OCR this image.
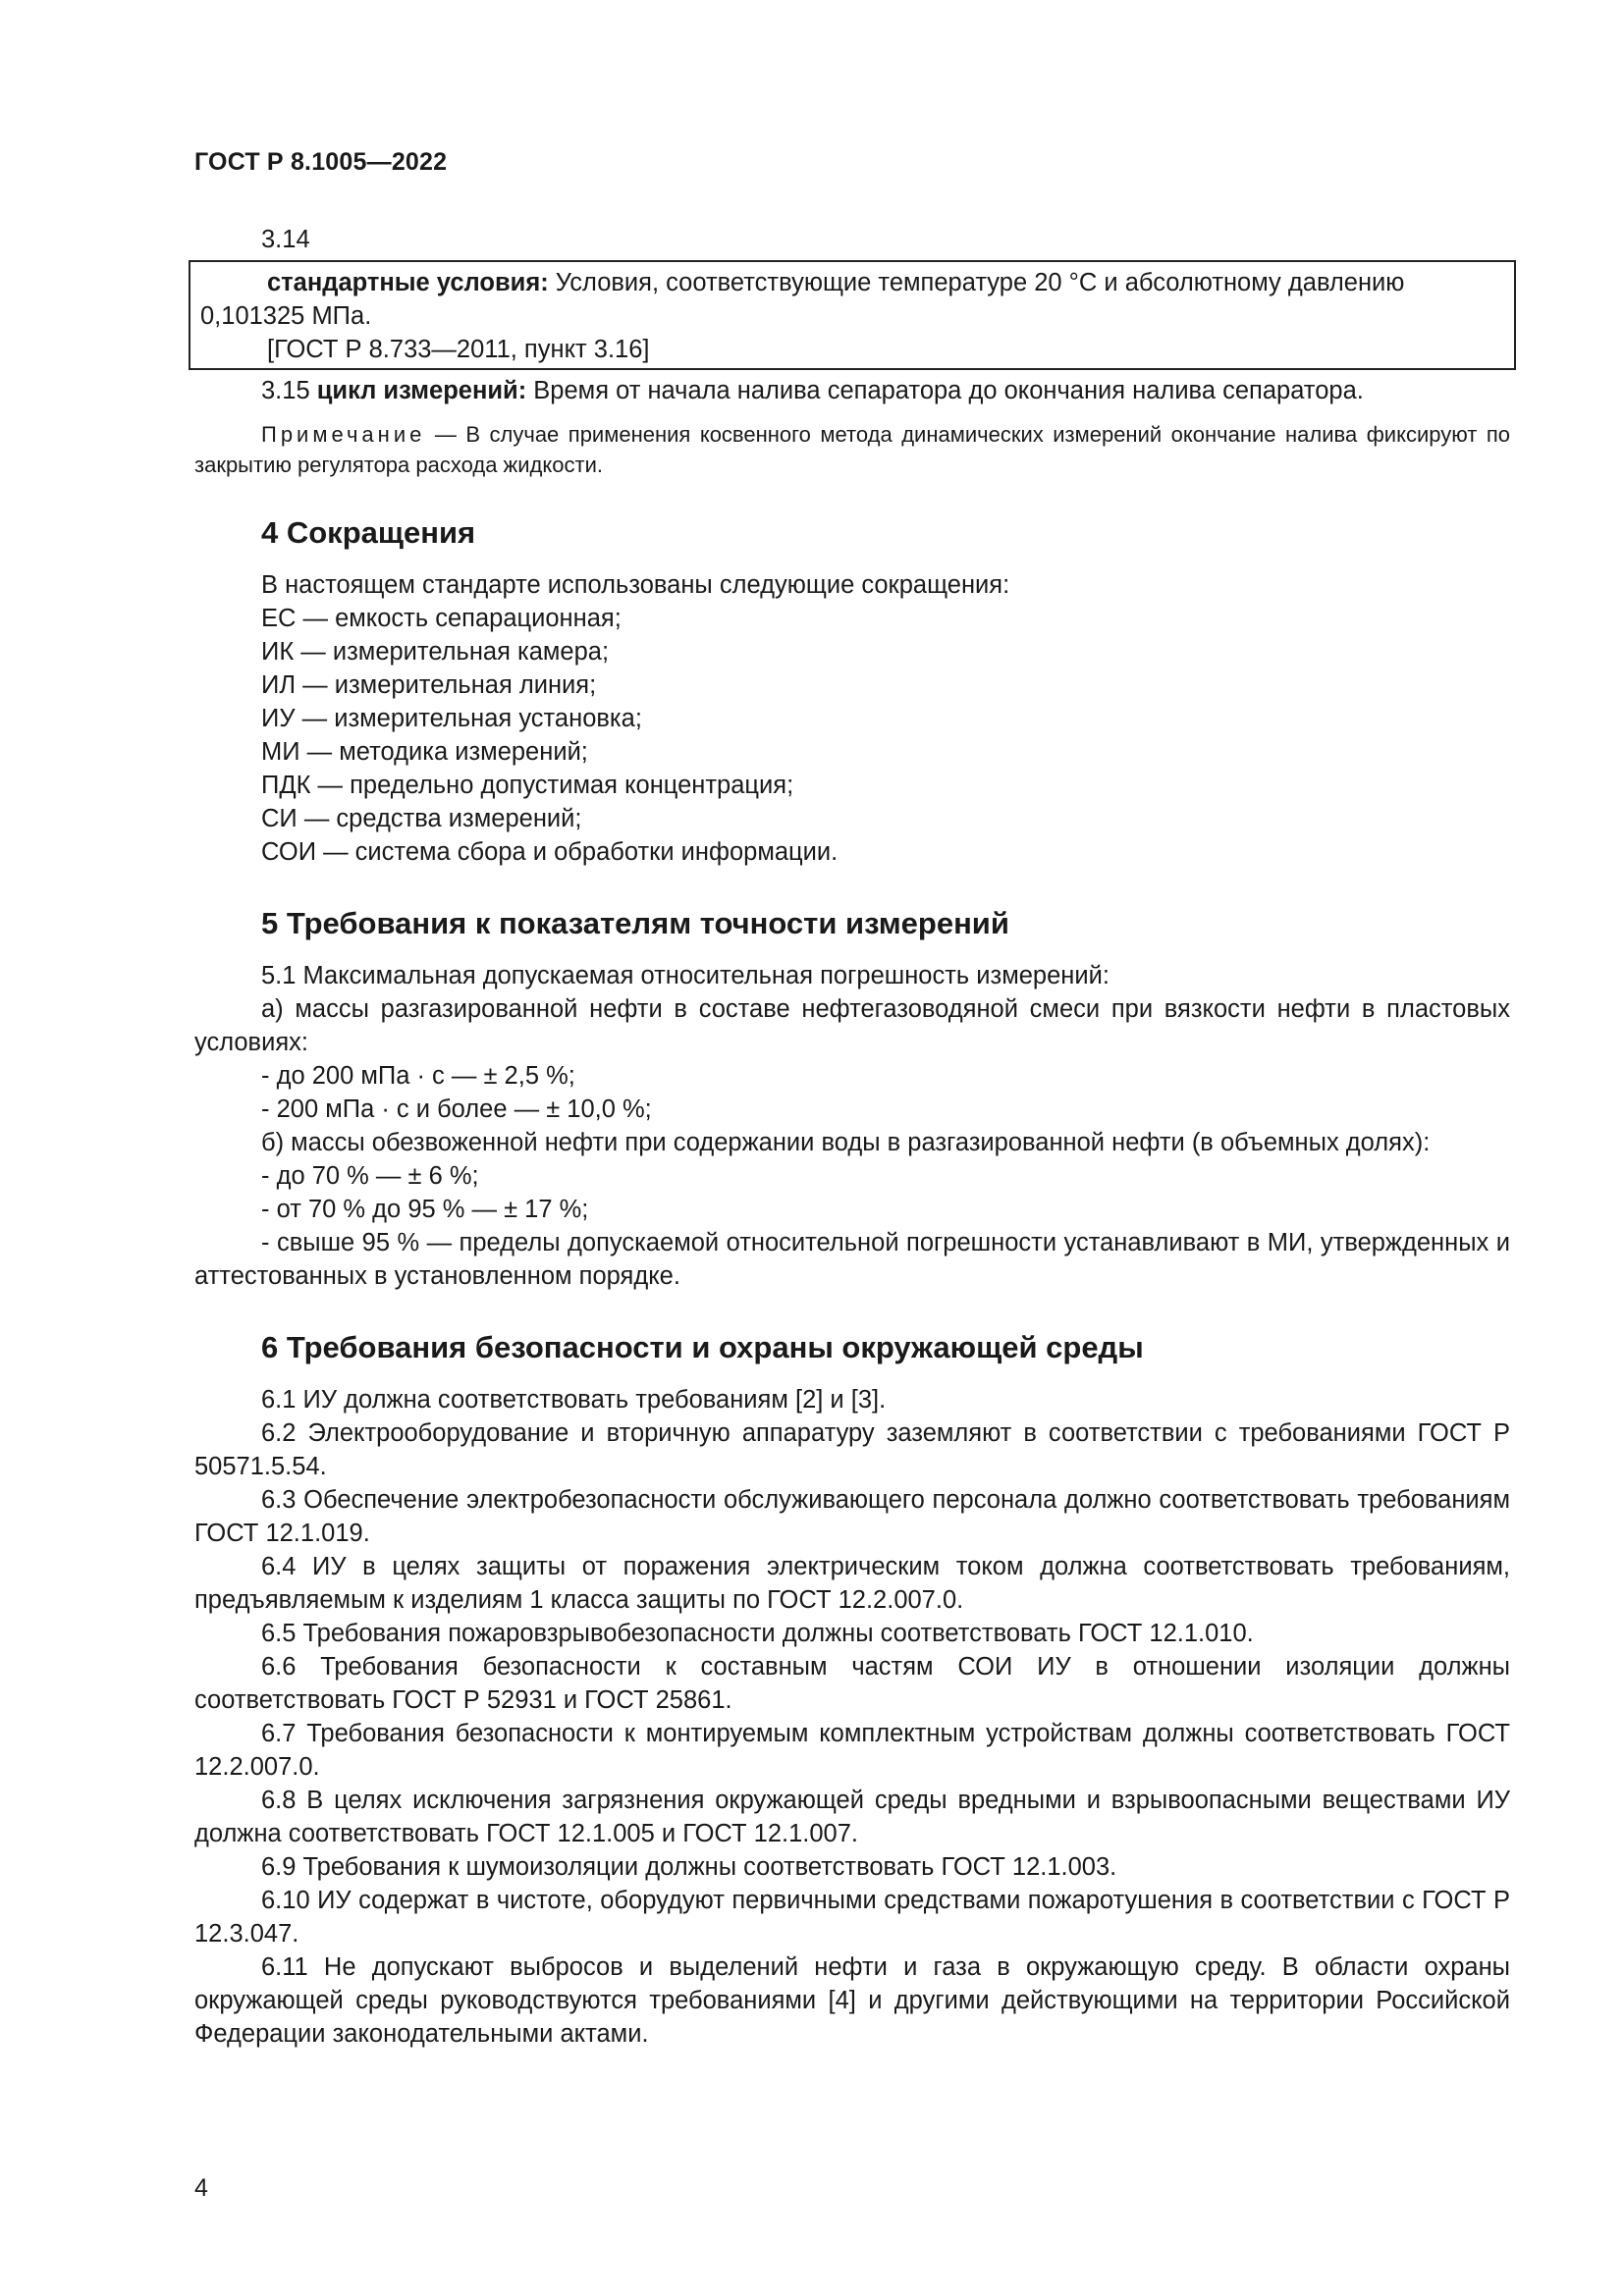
ГОСТ Р 8.1005—2022

3.14

стандартные условия: Условия, соответствующие температуре 20 °С и абсолютному давлению

0,101325 МПа.

[ГОСТ Р 8.733—2011, пункт 3.16]

3.15 цикл измерений: Время от начала налива сепаратора до окончания налива сепаратора.

Примечание — В случае применения косвенного метода динамических измерений окончание налива фиксируют по закрытию регулятора расхода жидкости.

4 Сокращения

В настоящем стандарте использованы следующие сокращения:

ЕС — емкость сепарационная;

ИК — измерительная камера;

ИЛ — измерительная линия;

ИУ — измерительная установка;

МИ — методика измерений;

ПДК — предельно допустимая концентрация;

СИ — средства измерений;

СОИ — система сбора и обработки информации.

5 Требования к показателям точности измерений

5.1 Максимальная допускаемая относительная погрешность измерений:

а) массы разгазированной нефти в составе нефтегазоводяной смеси при вязкости нефти в пластовых условиях:

- до 200 мПа · с — ± 2,5 %;

- 200 мПа · с и более — ± 10,0 %;

б) массы обезвоженной нефти при содержании воды в разгазированной нефти (в объемных долях):

- до 70 % — ± 6 %;

- от 70 % до 95 % — ± 17 %;

- свыше 95 % — пределы допускаемой относительной погрешности устанавливают в МИ, утвержденных и аттестованных в установленном порядке.

6 Требования безопасности и охраны окружающей среды

6.1 ИУ должна соответствовать требованиям [2] и [3].

6.2 Электрооборудование и вторичную аппаратуру заземляют в соответствии с требованиями ГОСТ Р 50571.5.54.

6.3 Обеспечение электробезопасности обслуживающего персонала должно соответствовать требованиям ГОСТ 12.1.019.

6.4 ИУ в целях защиты от поражения электрическим током должна соответствовать требованиям, предъявляемым к изделиям 1 класса защиты по ГОСТ 12.2.007.0.

6.5 Требования пожаровзрывобезопасности должны соответствовать ГОСТ 12.1.010.

6.6 Требования безопасности к составным частям СОИ ИУ в отношении изоляции должны соответствовать ГОСТ Р 52931 и ГОСТ 25861.

6.7 Требования безопасности к монтируемым комплектным устройствам должны соответствовать ГОСТ 12.2.007.0.

6.8 В целях исключения загрязнения окружающей среды вредными и взрывоопасными веществами ИУ должна соответствовать ГОСТ 12.1.005 и ГОСТ 12.1.007.

6.9 Требования к шумоизоляции должны соответствовать ГОСТ 12.1.003.

6.10 ИУ содержат в чистоте, оборудуют первичными средствами пожаротушения в соответствии с ГОСТ Р 12.3.047.

6.11 Не допускают выбросов и выделений нефти и газа в окружающую среду. В области охраны окружающей среды руководствуются требованиями [4] и другими действующими на территории Российской Федерации законодательными актами.

4
